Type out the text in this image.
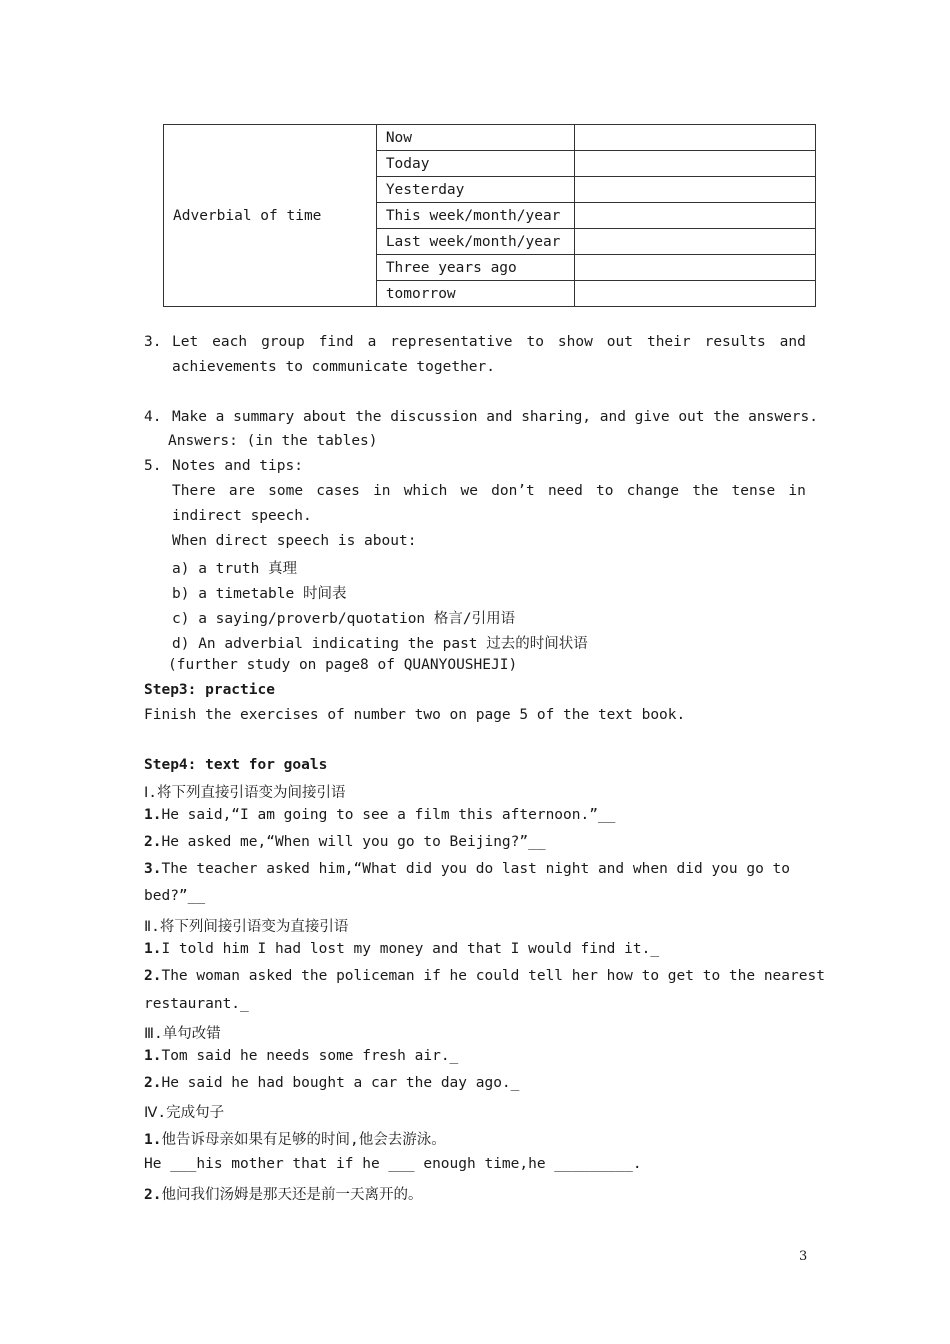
Adverbial of time	Now	
	Today	
	Yesterday	
	This week/month/year	
	Last week/month/year	
	Three years ago	
	tomorrow	
3. Let each group find a representative to show out their results and
achievements to communicate together.
4. Make a summary about the discussion and sharing, and give out the answers.
Answers: (in the tables)
5. Notes and tips:
There are some cases in which we don’t need to change the tense in
indirect speech.
When direct speech is about:
a) a truth 真理
b) a timetable 时间表
c) a saying/proverb/quotation 格言/引用语
d) An adverbial indicating the past 过去的时间状语
(further study on page8 of QUANYOUSHEJI)
Step3: practice
Finish the exercises of number two on page 5 of the text book.
Step4: text for goals
Ⅰ.将下列直接引语变为间接引语
1.He said,“I am going to see a film this afternoon.”__
2.He asked me,“When will you go to Beijing?”__
3.The teacher asked him,“What did you do last night and when did you go to
bed?”__
Ⅱ.将下列间接引语变为直接引语
1.I told him I had lost my money and that I would find it._
2.The woman asked the policeman if he could tell her how to get to the nearest
restaurant._
Ⅲ.单句改错
1.Tom said he needs some fresh air._
2.He said he had bought a car the day ago._
Ⅳ.完成句子
1.他告诉母亲如果有足够的时间,他会去游泳。
He ___his mother that if he ___ enough time,he _________.
2.他问我们汤姆是那天还是前一天离开的。
3
